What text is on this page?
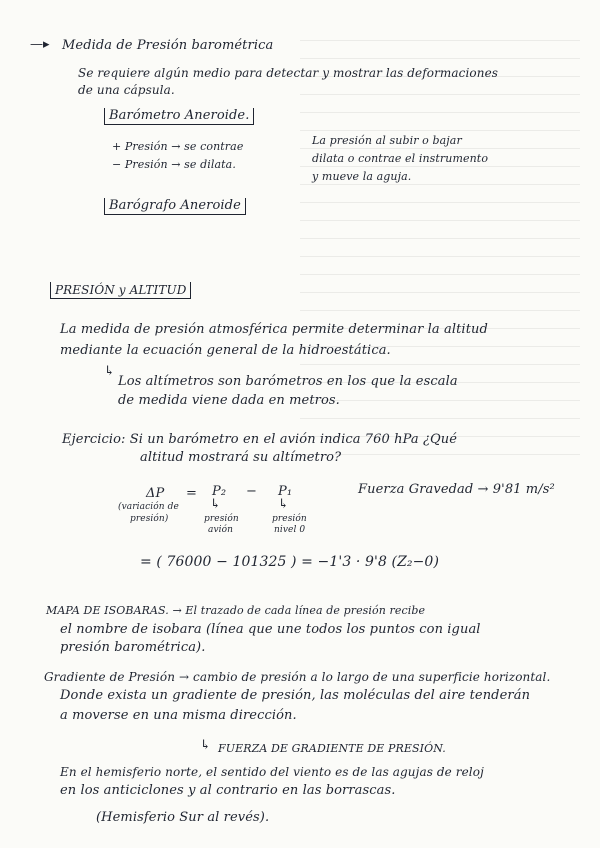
—▸ Medida de Presión barométrica
Se requiere algún medio para detectar y mostrar las deformaciones
de una cápsula.
Barómetro Aneroide.
+ Presión → se contrae
− Presión → se dilata.
La presión al subir o bajar
dilata o contrae el instrumento
y mueve la aguja.
Barógrafo Aneroide
PRESIÓN y ALTITUD
La medida de presión atmosférica permite determinar la altitud
mediante la ecuación general de la hidroestática.
↳
Los altímetros son barómetros en los que la escala
de medida viene dada en metros.
Ejercicio: Si un barómetro en el avión indica 760 hPa ¿Qué
altitud mostrará su altímetro?
ΔP = P₂ − P₁
(variación de
presión)
↳
presión
avión
↳
presión
nivel 0
Fuerza Gravedad → 9'81 m/s²
= ( 76000 − 101325 ) = −1'3 · 9'8 (Z₂−0)
MAPA DE ISOBARAS. → El trazado de cada línea de presión recibe
el nombre de isobara (línea que une todos los puntos con igual
presión barométrica).
Gradiente de Presión → cambio de presión a lo largo de una superficie horizontal.
Donde exista un gradiente de presión, las moléculas del aire tenderán
a moverse en una misma dirección.
↳ FUERZA DE GRADIENTE DE PRESIÓN.
En el hemisferio norte, el sentido del viento es de las agujas de reloj
en los anticiclones y al contrario en las borrascas.
(Hemisferio Sur al revés).
